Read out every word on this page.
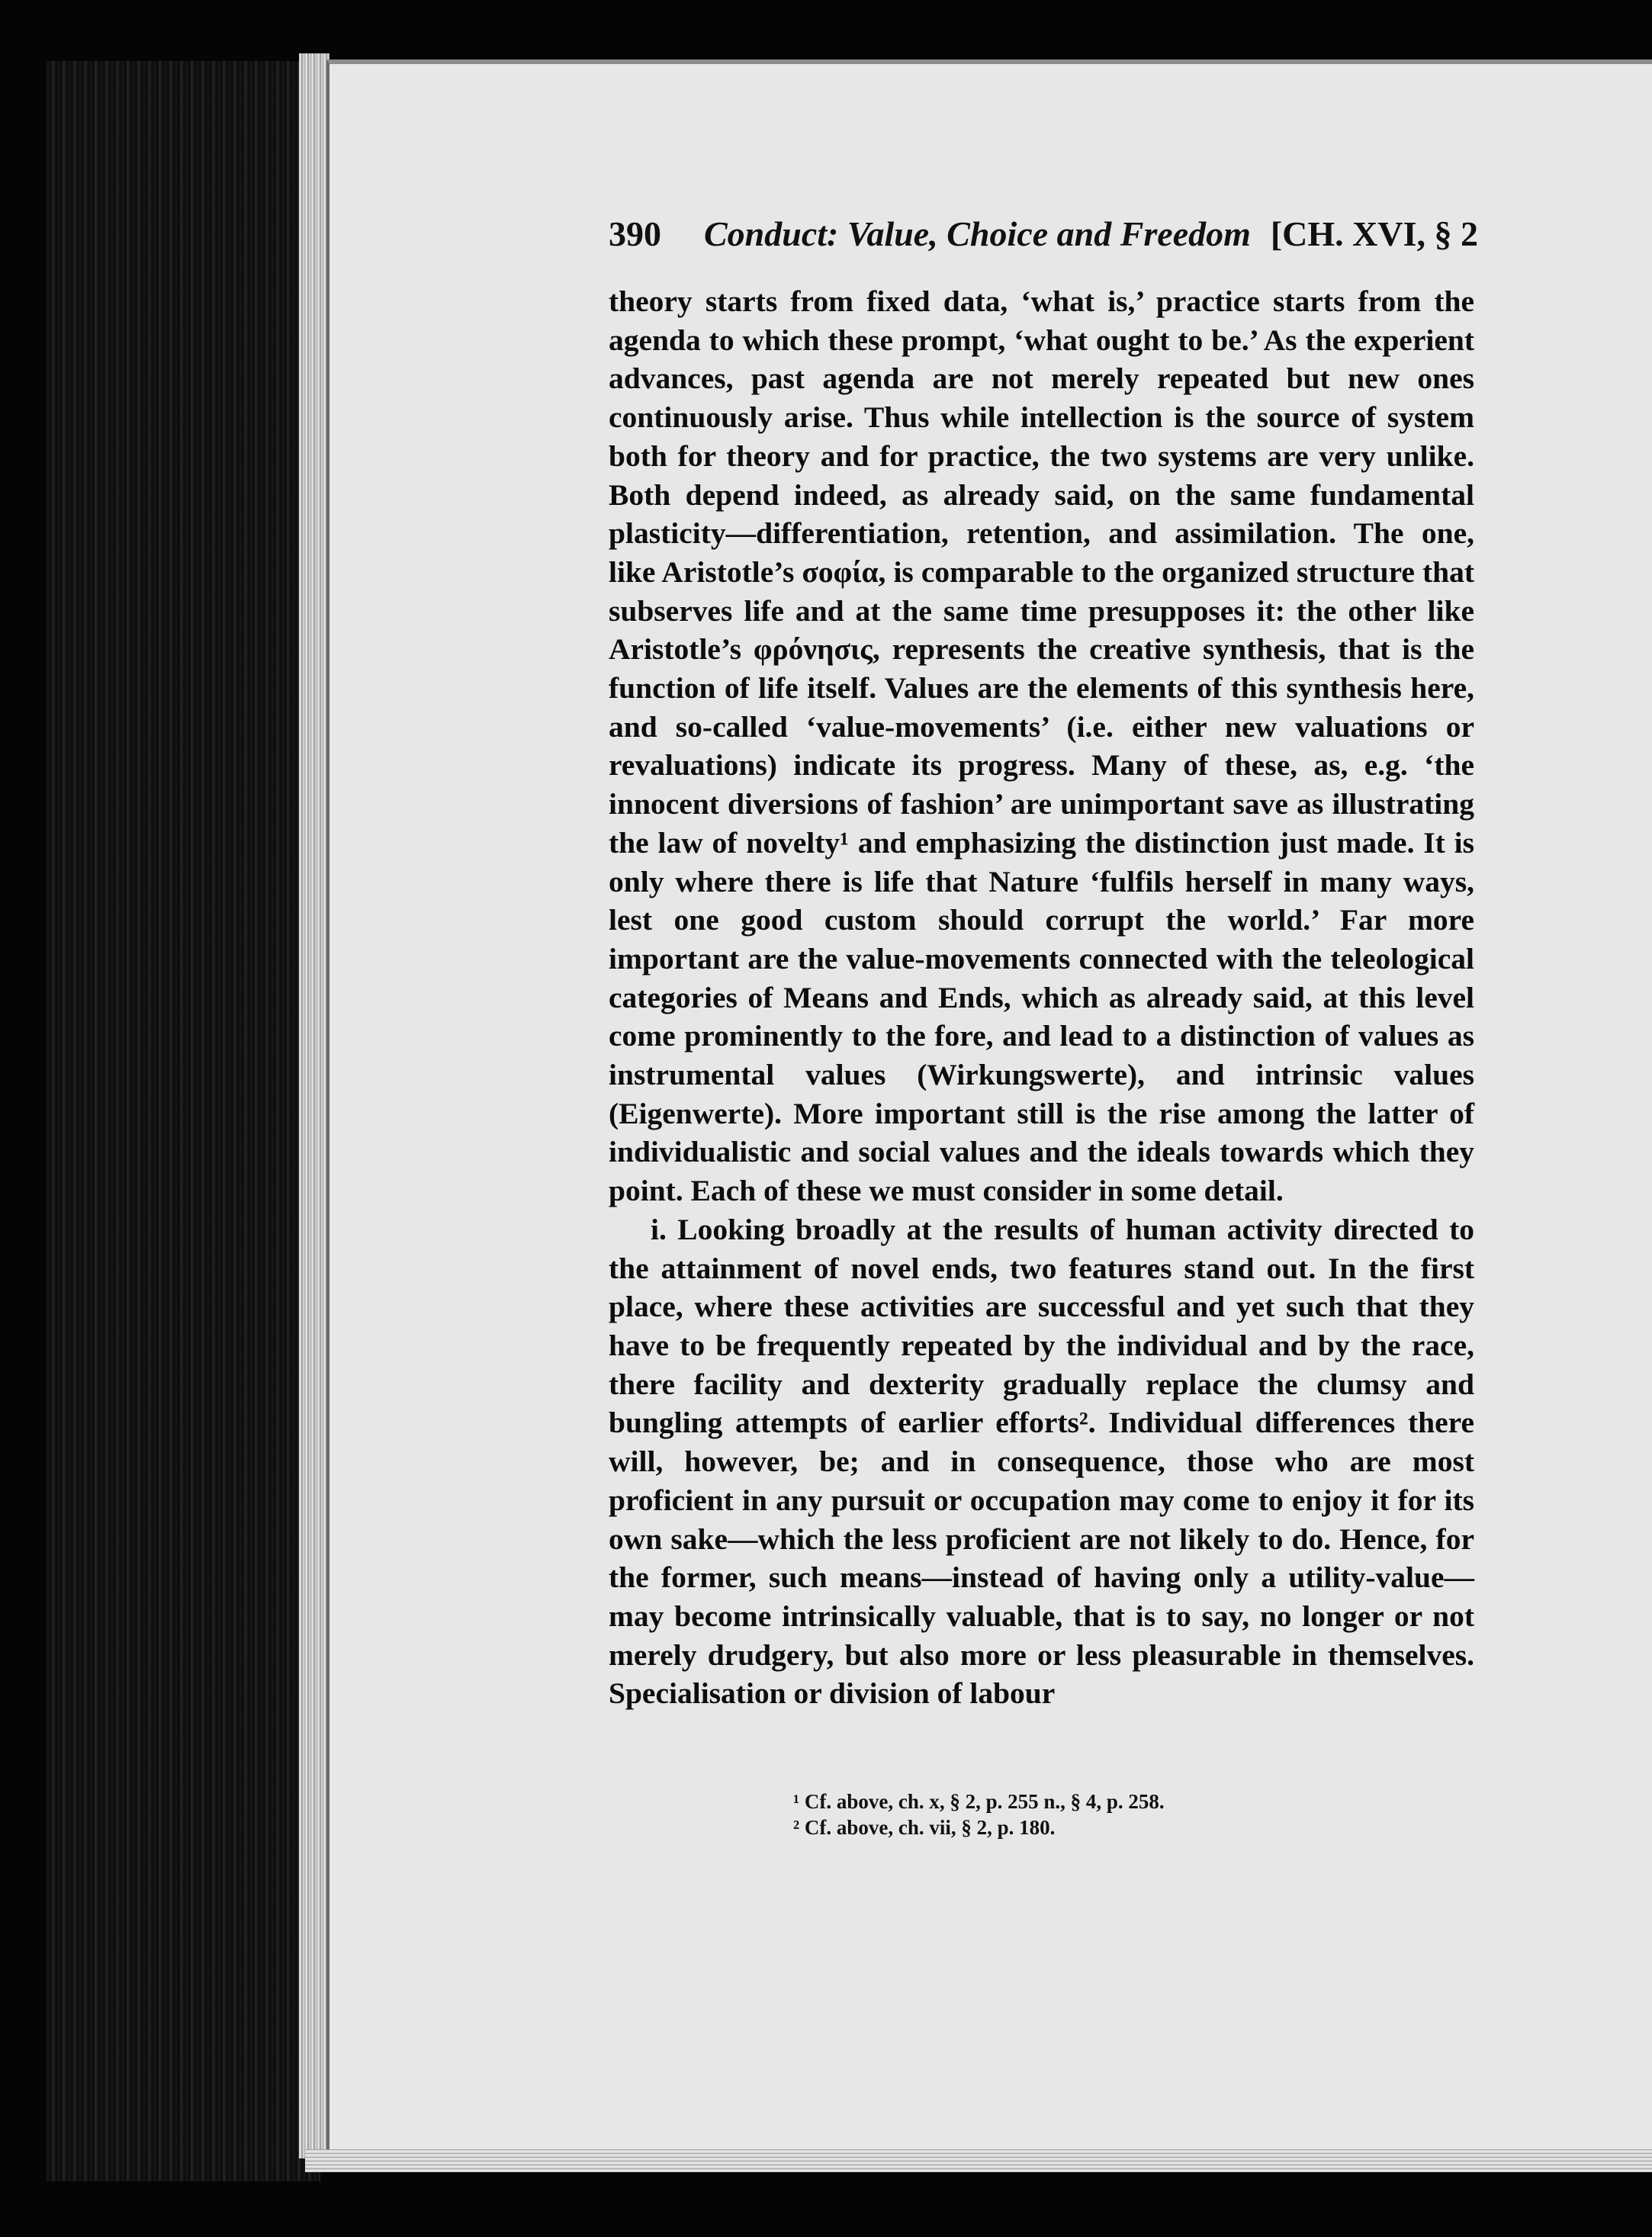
390 Conduct: Value, Choice and Freedom [CH. XVI, § 2

theory starts from fixed data, ‘what is,’ practice starts from the agenda to which these prompt, ‘what ought to be.’ As the experient advances, past agenda are not merely repeated but new ones continuously arise. Thus while intellection is the source of system both for theory and for practice, the two systems are very unlike. Both depend indeed, as already said, on the same fundamental plasticity—differentiation, retention, and assimilation. The one, like Aristotle’s σοφία, is comparable to the organized structure that subserves life and at the same time presupposes it: the other like Aristotle’s φρόνησις, represents the creative synthesis, that is the function of life itself. Values are the elements of this synthesis here, and so-called ‘value-movements’ (i.e. either new valuations or revaluations) indicate its progress. Many of these, as, e.g. ‘the innocent diversions of fashion’ are unimportant save as illustrating the law of novelty¹ and emphasizing the distinction just made. It is only where there is life that Nature ‘fulfils herself in many ways, lest one good custom should corrupt the world.’ Far more important are the value-movements connected with the teleological categories of Means and Ends, which as already said, at this level come prominently to the fore, and lead to a distinction of values as instrumental values (Wirkungswerte), and intrinsic values (Eigenwerte). More important still is the rise among the latter of individualistic and social values and the ideals towards which they point. Each of these we must consider in some detail.

i. Looking broadly at the results of human activity directed to the attainment of novel ends, two features stand out. In the first place, where these activities are successful and yet such that they have to be frequently repeated by the individual and by the race, there facility and dexterity gradually replace the clumsy and bungling attempts of earlier efforts². Individual differences there will, however, be; and in consequence, those who are most proficient in any pursuit or occupation may come to enjoy it for its own sake—which the less proficient are not likely to do. Hence, for the former, such means—instead of having only a utility-value—may become intrinsically valuable, that is to say, no longer or not merely drudgery, but also more or less pleasurable in themselves. Specialisation or division of labour

¹ Cf. above, ch. x, § 2, p. 255 n., § 4, p. 258.
² Cf. above, ch. vii, § 2, p. 180.
